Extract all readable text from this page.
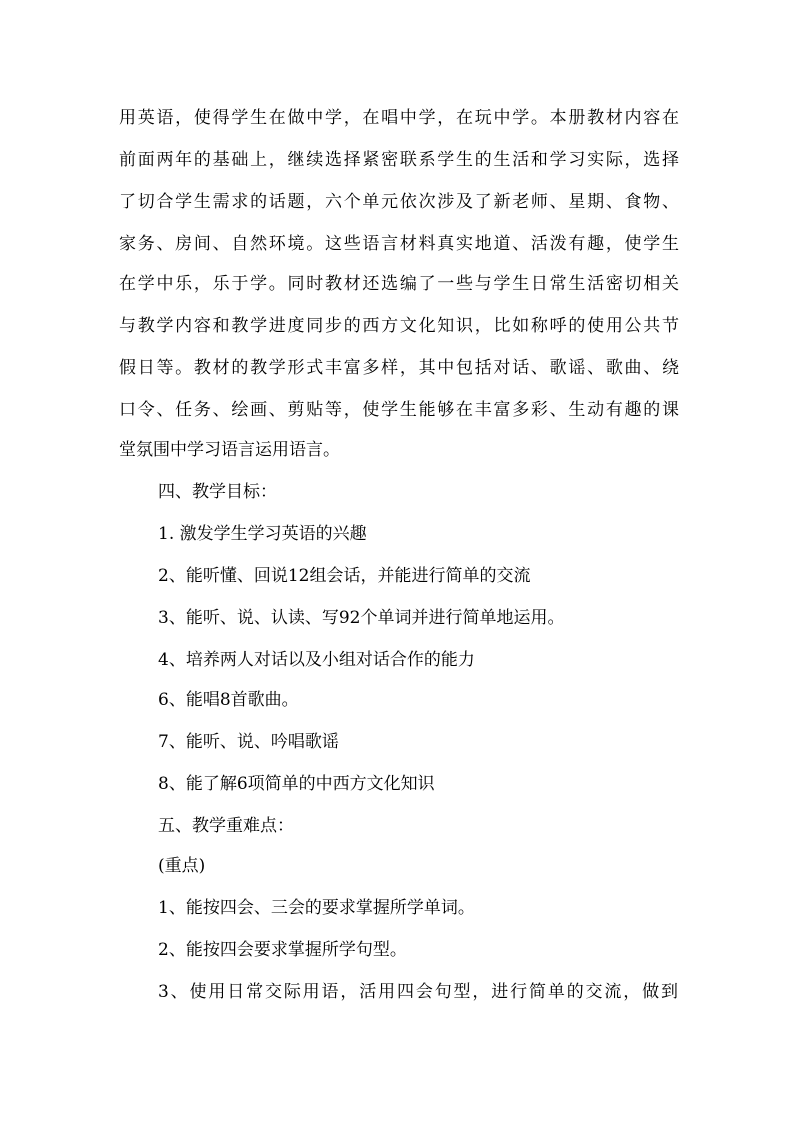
用英语，使得学生在做中学，在唱中学，在玩中学。本册教材内容在
前面两年的基础上，继续选择紧密联系学生的生活和学习实际，选择
了切合学生需求的话题，六个单元依次涉及了新老师、星期、食物、
家务、房间、自然环境。这些语言材料真实地道、活泼有趣，使学生
在学中乐，乐于学。同时教材还选编了一些与学生日常生活密切相关
与教学内容和教学进度同步的西方文化知识，比如称呼的使用公共节
假日等。教材的教学形式丰富多样，其中包括对话、歌谣、歌曲、绕
口令、任务、绘画、剪贴等，使学生能够在丰富多彩、生动有趣的课
堂氛围中学习语言运用语言。
四、教学目标：
1. 激发学生学习英语的兴趣
2、能听懂、回说12组会话，并能进行简单的交流
3、能听、说、认读、写92个单词并进行简单地运用。
4、培养两人对话以及小组对话合作的能力
6、能唱8首歌曲。
7、能听、说、吟唱歌谣
8、能了解6项简单的中西方文化知识
五、教学重难点：
(重点)
1、能按四会、三会的要求掌握所学单词。
2、能按四会要求掌握所学句型。
3、使用日常交际用语，活用四会句型，进行简单的交流，做到
